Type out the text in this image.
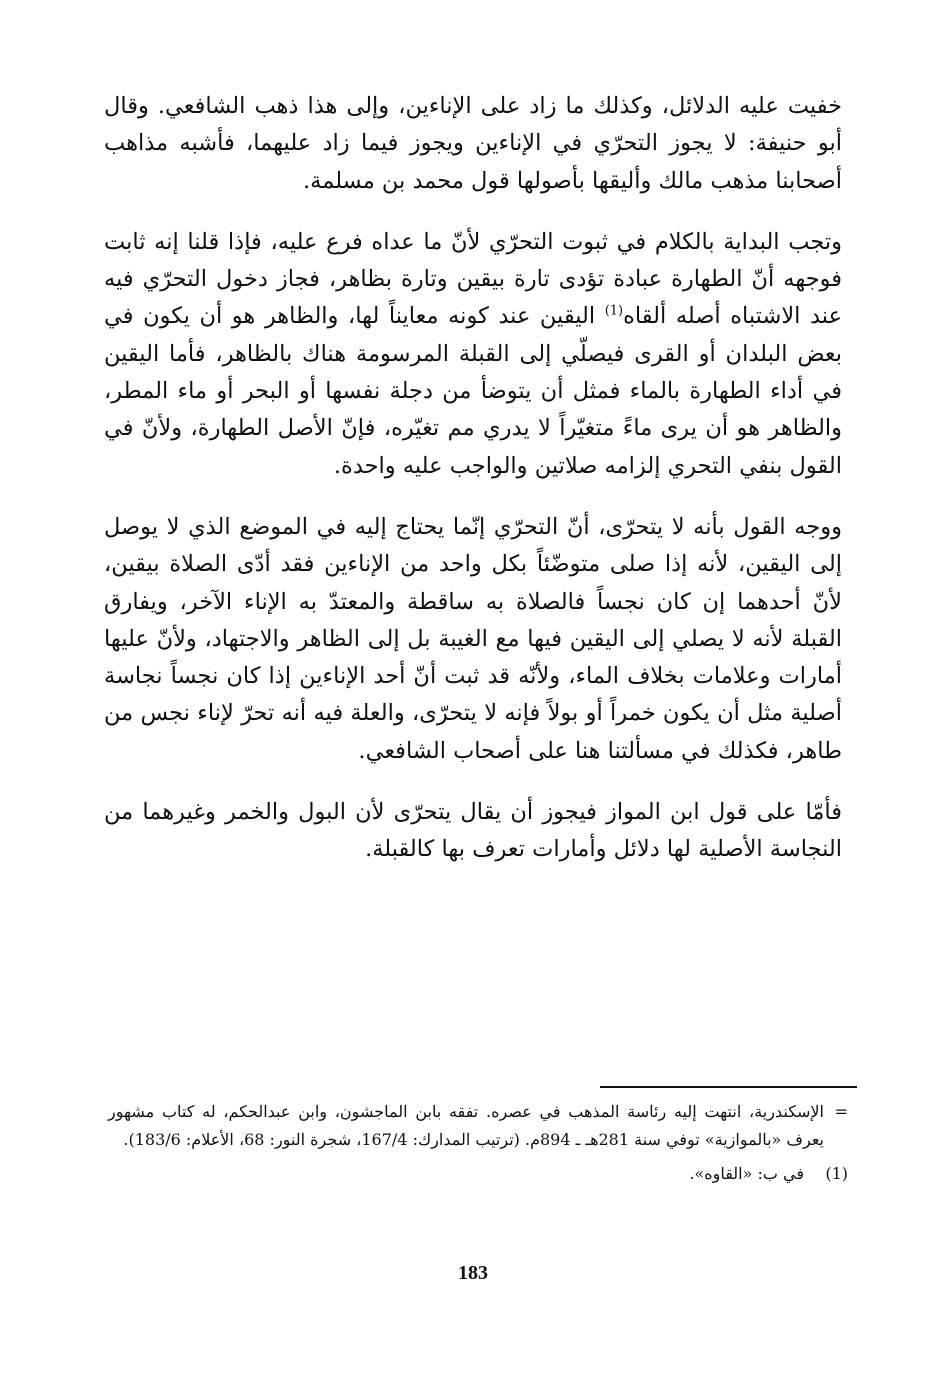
خفيت عليه الدلائل، وكذلك ما زاد على الإناءين، وإلى هذا ذهب الشافعي. وقال أبو حنيفة: لا يجوز التحرّي في الإناءين ويجوز فيما زاد عليهما، فأشبه مذاهب أصحابنا مذهب مالك وأليقها بأصولها قول محمد بن مسلمة.

وتجب البداية بالكلام في ثبوت التحرّي لأنّ ما عداه فرع عليه، فإذا قلنا إنه ثابت فوجهه أنّ الطهارة عبادة تؤدى تارة بيقين وتارة بظاهر، فجاز دخول التحرّي فيه عند الاشتباه أصله ألقاه$^{(1)}$ اليقين عند كونه معايناً لها، والظاهر هو أن يكون في بعض البلدان أو القرى فيصلّي إلى القبلة المرسومة هناك بالظاهر، فأما اليقين في أداء الطهارة بالماء فمثل أن يتوضأ من دجلة نفسها أو البحر أو ماء المطر، والظاهر هو أن يرى ماءً متغيّراً لا يدري مم تغيّره، فإنّ الأصل الطهارة، ولأنّ في القول بنفي التحري إلزامه صلاتين والواجب عليه واحدة.

ووجه القول بأنه لا يتحرّى، أنّ التحرّي إنّما يحتاج إليه في الموضع الذي لا يوصل إلى اليقين، لأنه إذا صلى متوضّئاً بكل واحد من الإناءين فقد أدّى الصلاة بيقين، لأنّ أحدهما إن كان نجساً فالصلاة به ساقطة والمعتدّ به الإناء الآخر، ويفارق القبلة لأنه لا يصلي إلى اليقين فيها مع الغيبة بل إلى الظاهر والاجتهاد، ولأنّ عليها أمارات وعلامات بخلاف الماء، ولأنّه قد ثبت أنّ أحد الإناءين إذا كان نجساً نجاسة أصلية مثل أن يكون خمراً أو بولاً فإنه لا يتحرّى، والعلة فيه أنه تحرّ لإناء نجس من طاهر، فكذلك في مسألتنا هنا على أصحاب الشافعي.

فأمّا على قول ابن المواز فيجوز أن يقال يتحرّى لأن البول والخمر وغيرهما من النجاسة الأصلية لها دلائل وأمارات تعرف بها كالقبلة.

=
الإسكندرية، انتهت إليه رئاسة المذهب في عصره. تفقه بابن الماجشون، وابن عبدالحكم، له كتاب مشهور يعرف «بالموازية» توفي سنة 281هـ ـ 894م. (ترتيب المدارك: 167/4، شجرة النور: 68، الأعلام: 183/6).
(1)
في ب: «القاوه».
183
